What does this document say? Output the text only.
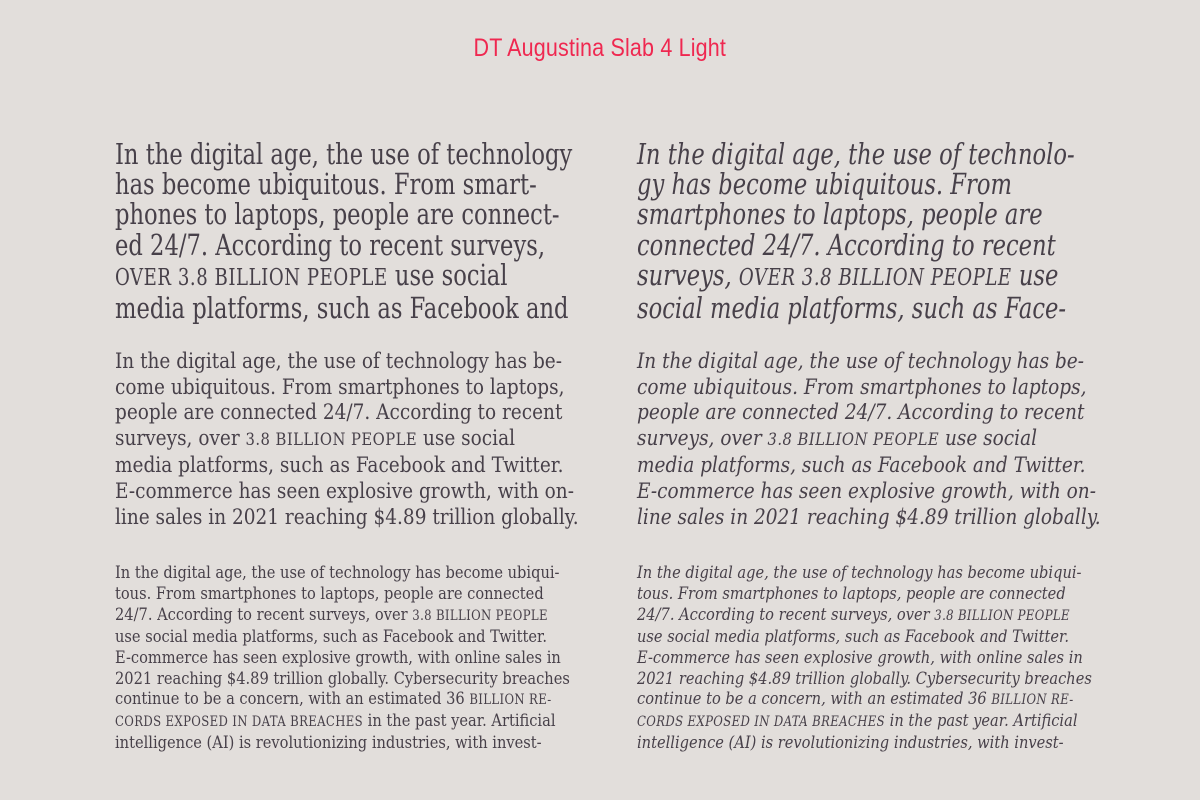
DT Augustina Slab 4 Light
In the digital age, the use of technology
has become ubiquitous. From smart-
phones to laptops, people are connect-
ed 24/7. According to recent surveys,
OVER 3.8 BILLION PEOPLE use social
media platforms, such as Facebook and
In the digital age, the use of technolo-
gy has become ubiquitous. From
smartphones to laptops, people are
connected 24/7. According to recent
surveys, OVER 3.8 BILLION PEOPLE use
social media platforms, such as Face-
In the digital age, the use of technology has be-
come ubiquitous. From smartphones to laptops,
people are connected 24/7. According to recent
surveys, over 3.8 BILLION PEOPLE use social
media platforms, such as Facebook and Twitter.
E-commerce has seen explosive growth, with on-
line sales in 2021 reaching $4.89 trillion globally.
In the digital age, the use of technology has be-
come ubiquitous. From smartphones to laptops,
people are connected 24/7. According to recent
surveys, over 3.8 BILLION PEOPLE use social
media platforms, such as Facebook and Twitter.
E-commerce has seen explosive growth, with on-
line sales in 2021 reaching $4.89 trillion globally.
In the digital age, the use of technology has become ubiqui-
tous. From smartphones to laptops, people are connected
24/7. According to recent surveys, over 3.8 BILLION PEOPLE
use social media platforms, such as Facebook and Twitter.
E-commerce has seen explosive growth, with online sales in
2021 reaching $4.89 trillion globally. Cybersecurity breaches
continue to be a concern, with an estimated 36 BILLION RE-
CORDS EXPOSED IN DATA BREACHES in the past year. Artificial
intelligence (AI) is revolutionizing industries, with invest-
In the digital age, the use of technology has become ubiqui-
tous. From smartphones to laptops, people are connected
24/7. According to recent surveys, over 3.8 BILLION PEOPLE
use social media platforms, such as Facebook and Twitter.
E-commerce has seen explosive growth, with online sales in
2021 reaching $4.89 trillion globally. Cybersecurity breaches
continue to be a concern, with an estimated 36 BILLION RE-
CORDS EXPOSED IN DATA BREACHES in the past year. Artificial
intelligence (AI) is revolutionizing industries, with invest-
